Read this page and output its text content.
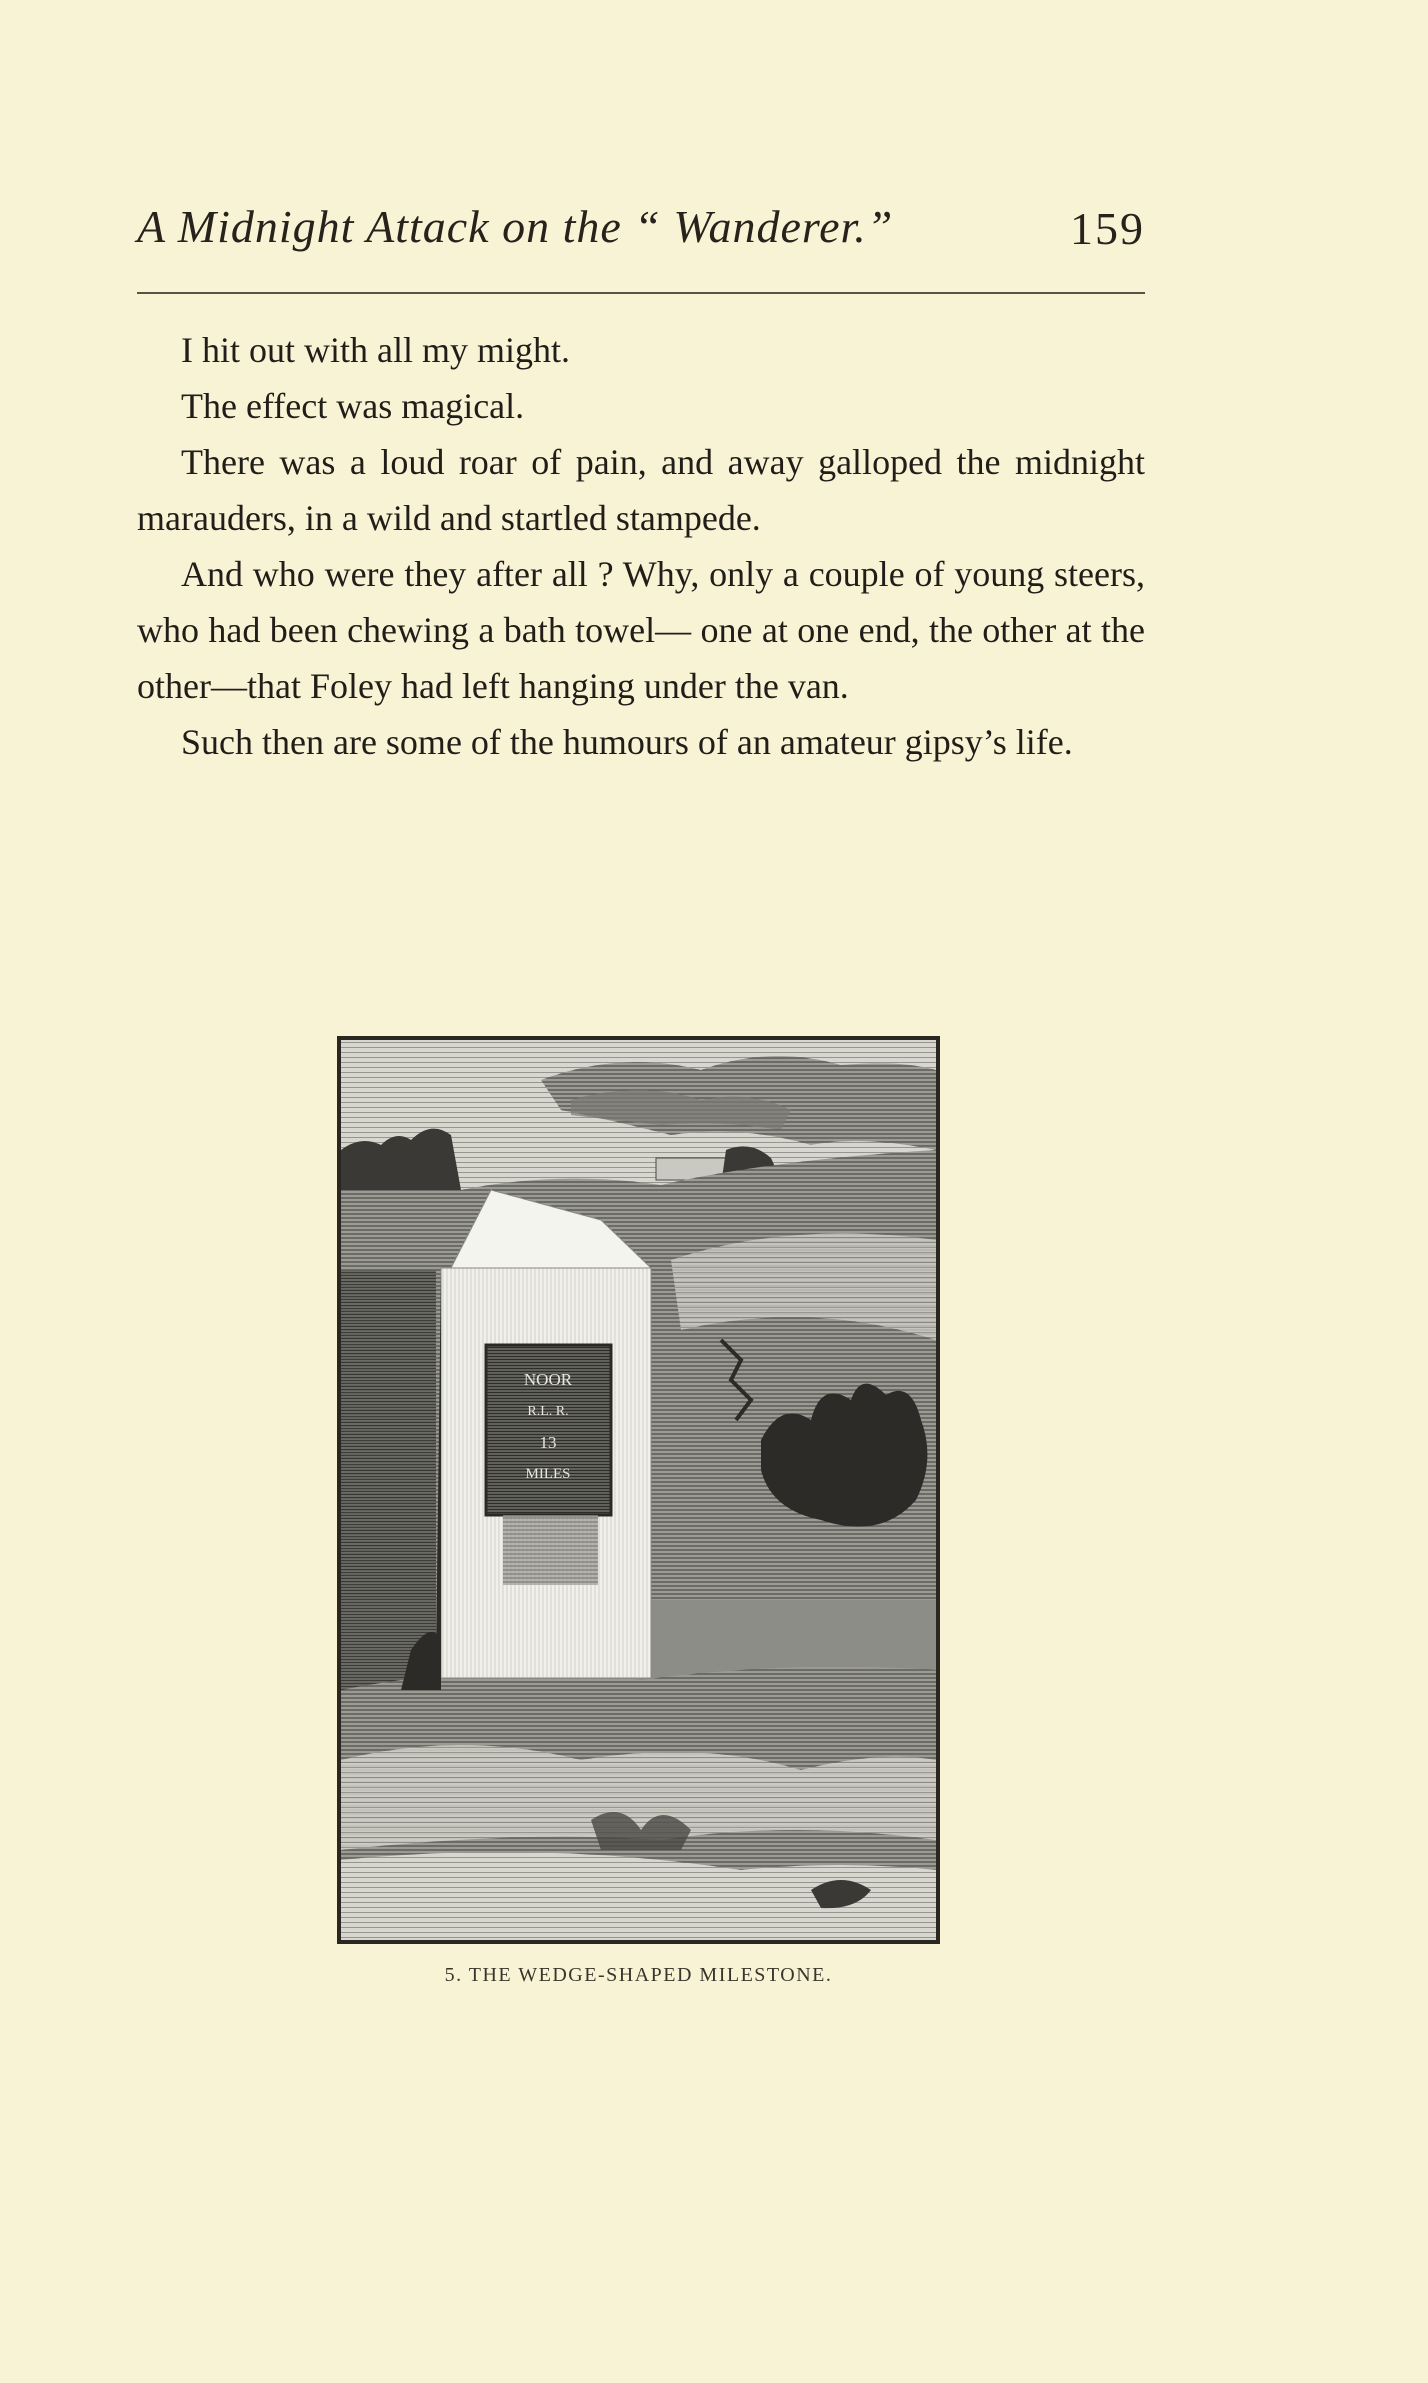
A Midnight Attack on the “ Wanderer.”	159

I hit out with all my might.

The effect was magical.

There was a loud roar of pain, and away galloped the midnight marauders, in a wild and startled stampede.

And who were they after all ? Why, only a couple of young steers, who had been chewing a bath towel— one at one end, the other at the other—that Foley had left hanging under the van.

Such then are some of the humours of an amateur gipsy’s life.

NOOR
R.L. R.
13
MILES
5. THE WEDGE-SHAPED MILESTONE.
